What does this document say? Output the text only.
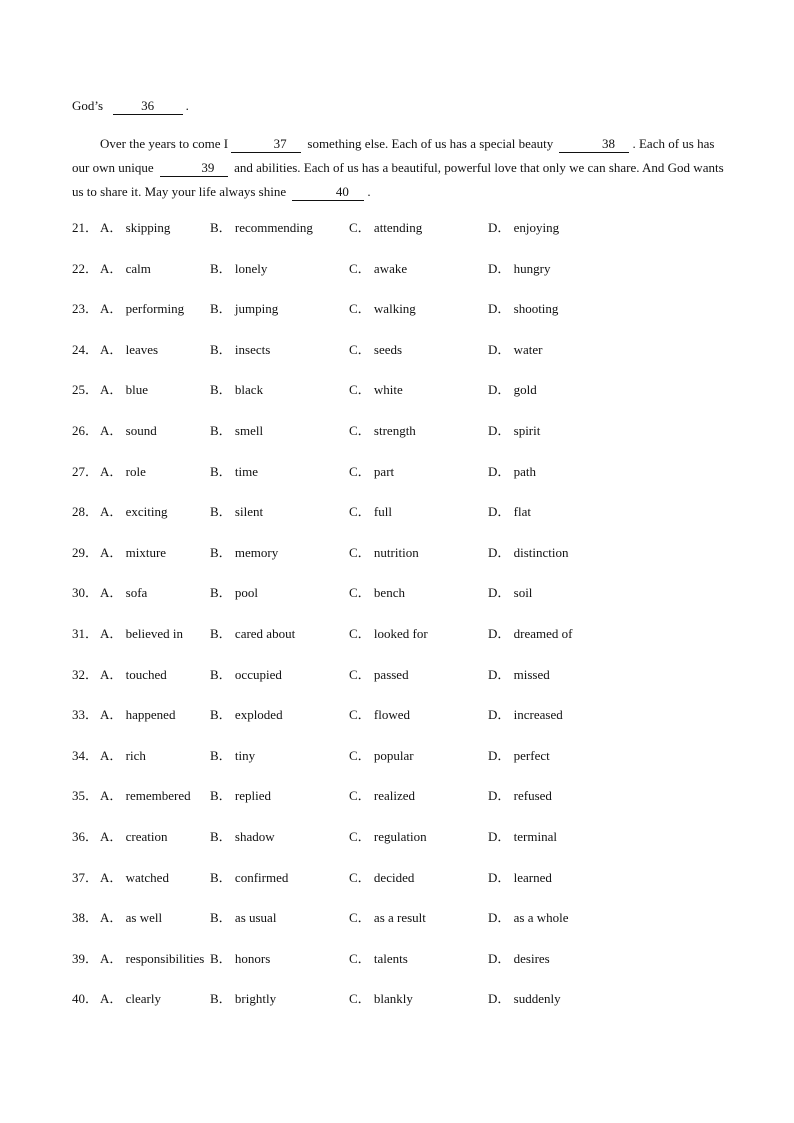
God’s	36 .

Over the years to come I	37 something else. Each of us has a special beauty	38 . Each of us has our own unique	39 and abilities. Each of us has a beautiful, powerful love that only we can share. And God wants us to share it. May your life always shine	40 .

21． A． skipping	B． recommending	C． attending	D． enjoying
22． A． calm	B． lonely	C． awake	D． hungry
23． A． performing B． jumping	C． walking	D． shooting
24． A． leaves	B． insects	C． seeds	D． water
25． A． blue	B． black	C． white	D． gold
26． A． sound	B． smell	C． strength	D． spirit
27． A． role	B． time	C． part	D． path
28． A． exciting	B． silent	C． full	D． flat
29． A． mixture	B． memory	C． nutrition	D． distinction
30． A． sofa	B． pool	C． bench	D． soil
31． A． believed in B． cared about	C． looked for	D． dreamed of
32． A． touched	B． occupied	C． passed	D． missed
33． A． happened	B． exploded	C． flowed	D． increased
34． A． rich	B． tiny	C． popular	D． perfect
35． A． remembered B． replied	C． realized	D． refused
36． A． creation	B． shadow	C． regulation	D． terminal
37． A． watched	B． confirmed	C． decided	D． learned
38． A． as well	B． as usual	C． as a result	D． as a whole
39． A． responsibilities B． honors	C． talents	D． desires
40． A． clearly	B． brightly	C． blankly	D． suddenly
